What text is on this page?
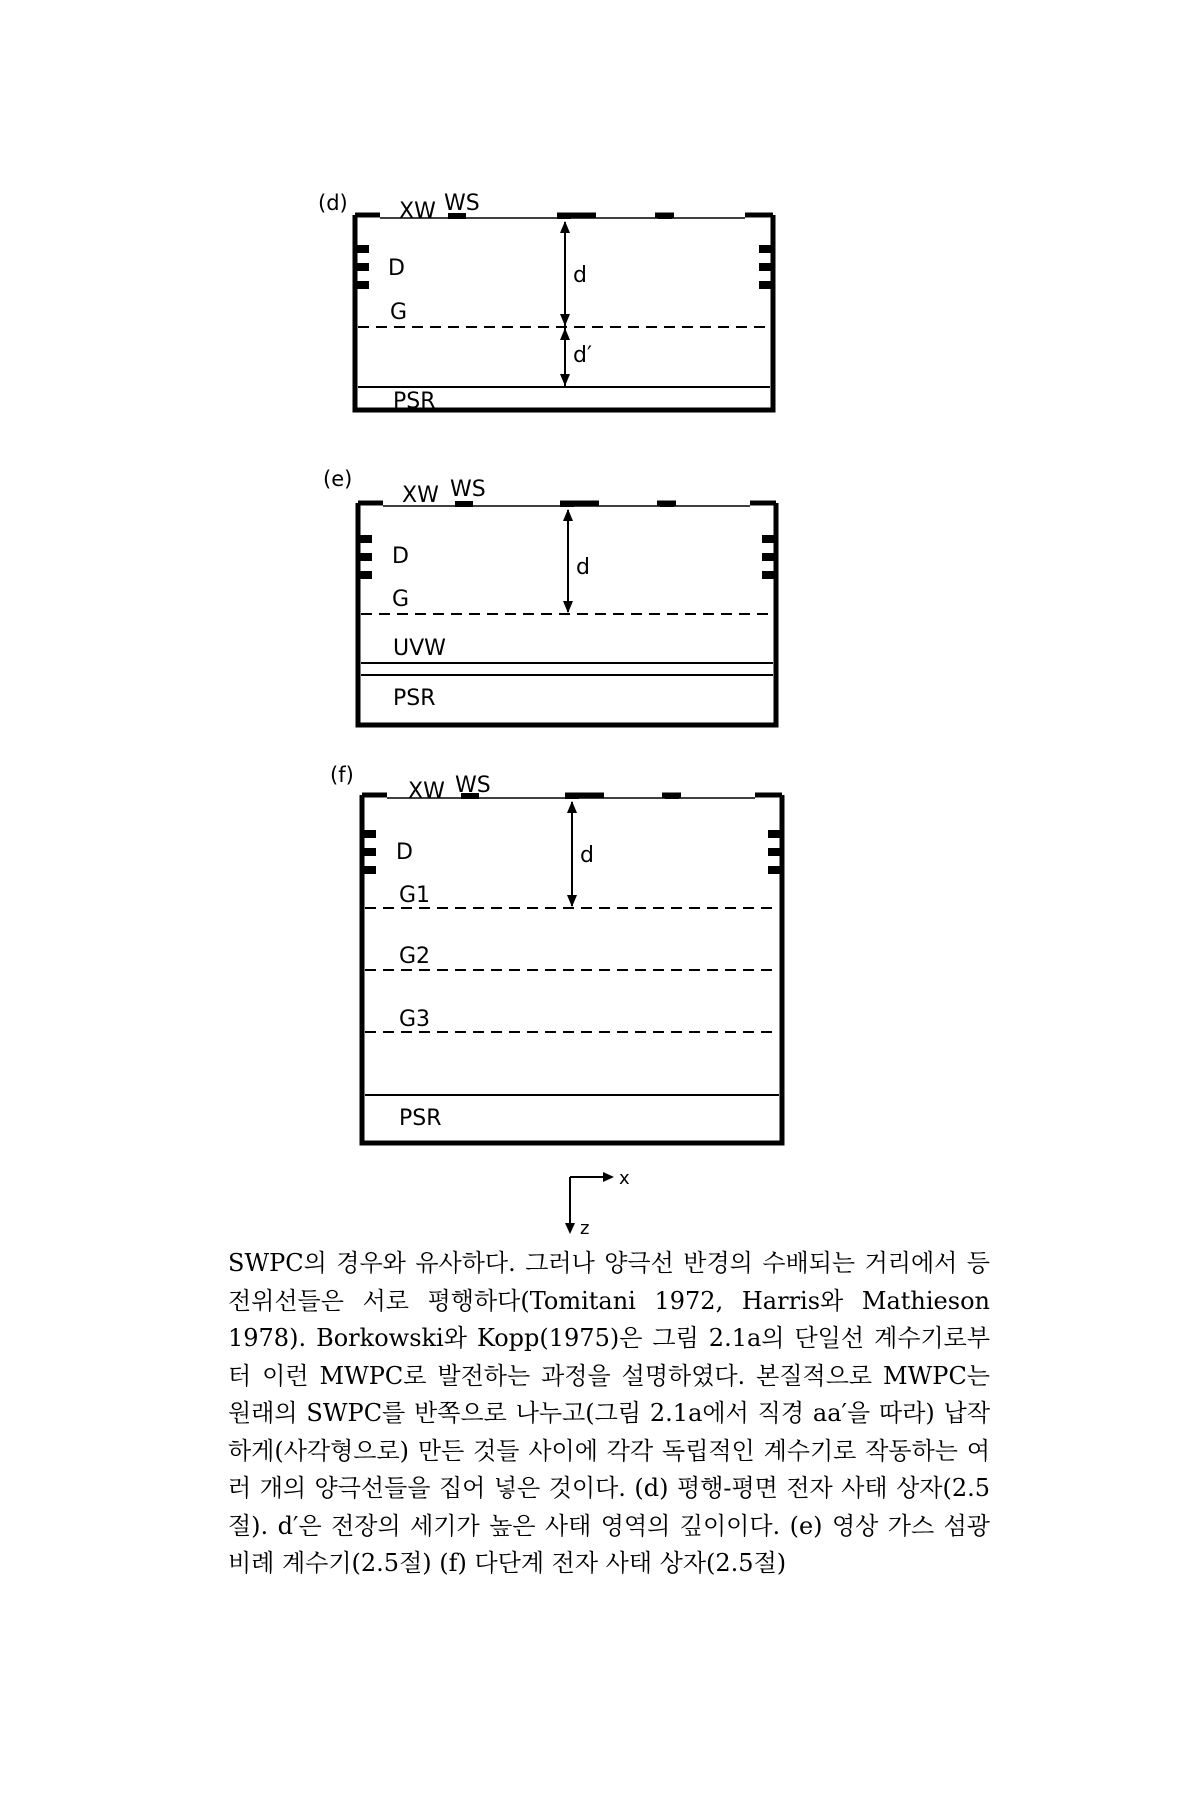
(d) XW WS
D
G
d
d′
PSR
(e)
XW WS
D
G
d
UVW
PSR
(f)
XW WS
D
G1
G2
G3
d
PSR
x
z

SWPC의 경우와 유사하다. 그러나 양극선 반경의 수배되는 거리에서 등전위선들은 서로 평행하다(Tomitani 1972, Harris와 Mathieson 1978). Borkowski와 Kopp(1975)은 그림 2.1a의 단일선 계수기로부터 이런 MWPC로 발전하는 과정을 설명하였다. 본질적으로 MWPC는 원래의 SWPC를 반쪽으로 나누고(그림 2.1a에서 직경 aa′을 따라) 납작하게(사각형으로) 만든 것들 사이에 각각 독립적인 계수기로 작동하는 여러 개의 양극선들을 집어 넣은 것이다. (d) 평행-평면 전자 사태 상자(2.5절). d′은 전장의 세기가 높은 사태 영역의 깊이이다. (e) 영상 가스 섬광 비례 계수기(2.5절) (f) 다단계 전자 사태 상자(2.5절)
